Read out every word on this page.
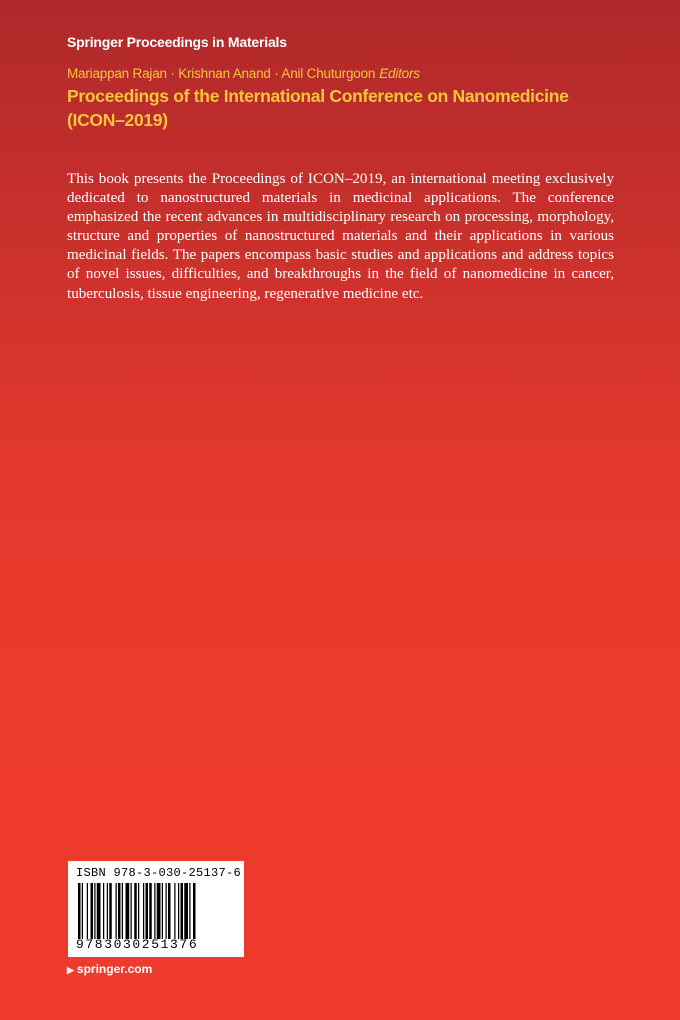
Springer Proceedings in Materials
Mariappan Rajan · Krishnan Anand · Anil Chuturgoon Editors
Proceedings of the International Conference on Nanomedicine (ICON–2019)

This book presents the Proceedings of ICON–2019, an international meeting exclusively dedicated to nanostructured materials in medicinal applications. The conference emphasized the recent advances in multidisciplinary research on processing, morphology, structure and properties of nanostructured materials and their applications in various medicinal fields. The papers encompass basic studies and applications and address topics of novel issues, difficulties, and breakthroughs in the field of nanomedicine in cancer, tuberculosis, tissue engineering, regenerative medicine etc.

ISBN 978-3-030-25137-6
9783030251376
▶ springer.com
